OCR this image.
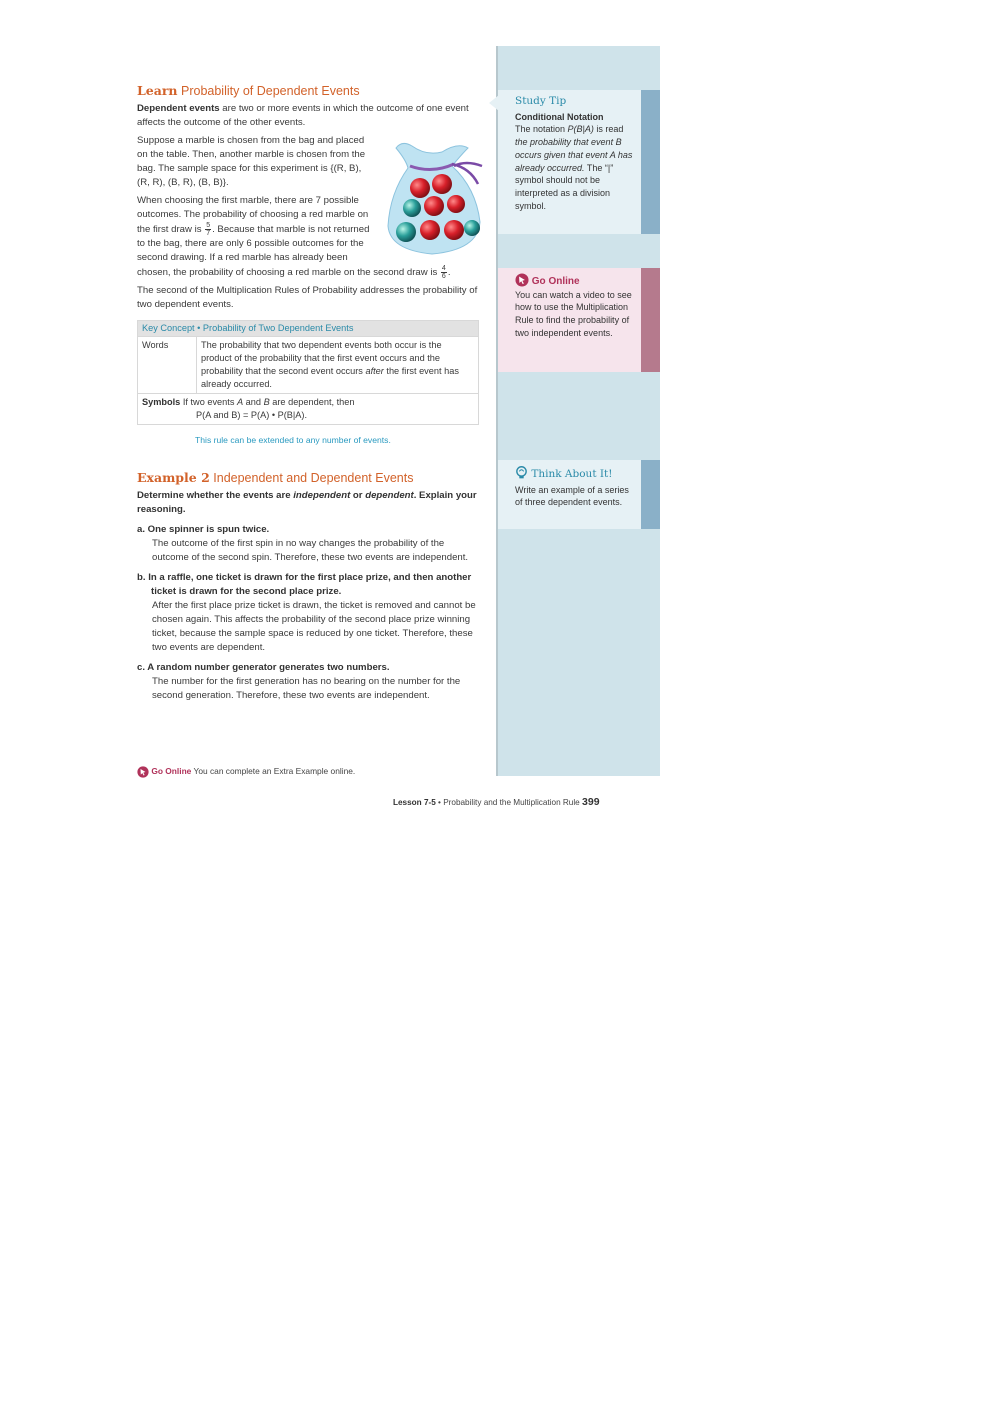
Learn Probability of Dependent Events

Dependent events are two or more events in which the outcome of one event affects the outcome of the other events.

Suppose a marble is chosen from the bag and placed on the table. Then, another marble is chosen from the bag. The sample space for this experiment is {(R, B), (R, R), (B, R), (B, B)}.

When choosing the first marble, there are 7 possible outcomes. The probability of choosing a red marble on the first draw is $\frac{5}{7}$ . Because that marble is not returned to the bag, there are only 6 possible outcomes for the second drawing. If a red marble has already been chosen, the probability of choosing a red marble on the second draw is $\frac{4}{6}$ .

The second of the Multiplication Rules of Probability addresses the probability of two dependent events.

Key Concept • Probability of Two Dependent Events
Words	The probability that two dependent events both occur is the product of the probability that the first event occurs and the probability that the second event occurs after the first event has already occurred.
Symbols If two events A and B are dependent, then
P(A and B) = P(A) • P(B|A).
This rule can be extended to any number of events.
Example 2 Independent and Dependent Events

Determine whether the events are independent or dependent. Explain your reasoning.

a. One spinner is spun twice.
The outcome of the first spin in no way changes the probability of the outcome of the second spin. Therefore, these two events are independent.
b. In a raffle, one ticket is drawn for the first place prize, and then another ticket is drawn for the second place prize.
After the first place prize ticket is drawn, the ticket is removed and cannot be chosen again. This affects the probability of the second place prize winning ticket, because the sample space is reduced by one ticket. Therefore, these two events are dependent.
c. A random number generator generates two numbers.
The number for the first generation has no bearing on the number for the second generation. Therefore, these two events are independent.
Go Online You can complete an Extra Example online.
Lesson 7-5 • Probability and the Multiplication Rule 399
Study Tip
Conditional Notation
The notation P(B|A) is read the probability that event B occurs given that event A has already occurred. The “|” symbol should not be interpreted as a division symbol.
Go Online
You can watch a video to see how to use the Multiplication Rule to find the probability of two independent events.
Think About It!
Write an example of a series of three dependent events.
